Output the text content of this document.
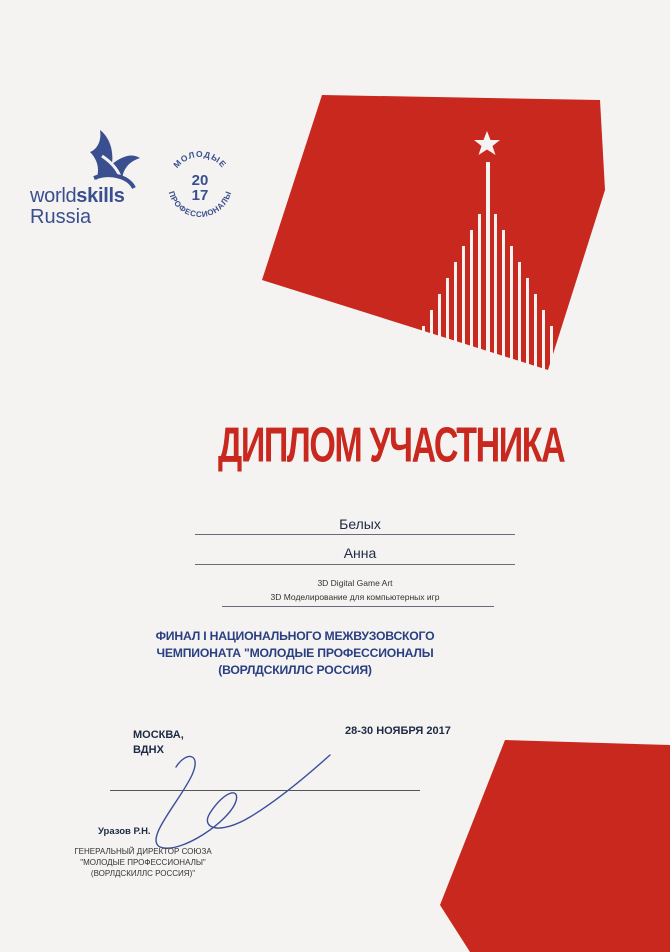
worldskills
Russia
МОЛОДЫЕ
ПРОФЕССИОНАЛЫ
20
17
ДИПЛОМ УЧАСТНИКА
Белых
Анна
3D Digital Game Art
3D Моделирование для компьютерных игр
ФИНАЛ I НАЦИОНАЛЬНОГО МЕЖВУЗОВСКОГО
ЧЕМПИОНАТА "МОЛОДЫЕ ПРОФЕССИОНАЛЫ
(ВОРЛДСКИЛЛС РОССИЯ)
МОСКВА,
ВДНХ
28-30 НОЯБРЯ 2017
Уразов Р.Н.
ГЕНЕРАЛЬНЫЙ ДИРЕКТОР СОЮЗА
"МОЛОДЫЕ ПРОФЕССИОНАЛЫ"
(ВОРЛДСКИЛЛС РОССИЯ)"
